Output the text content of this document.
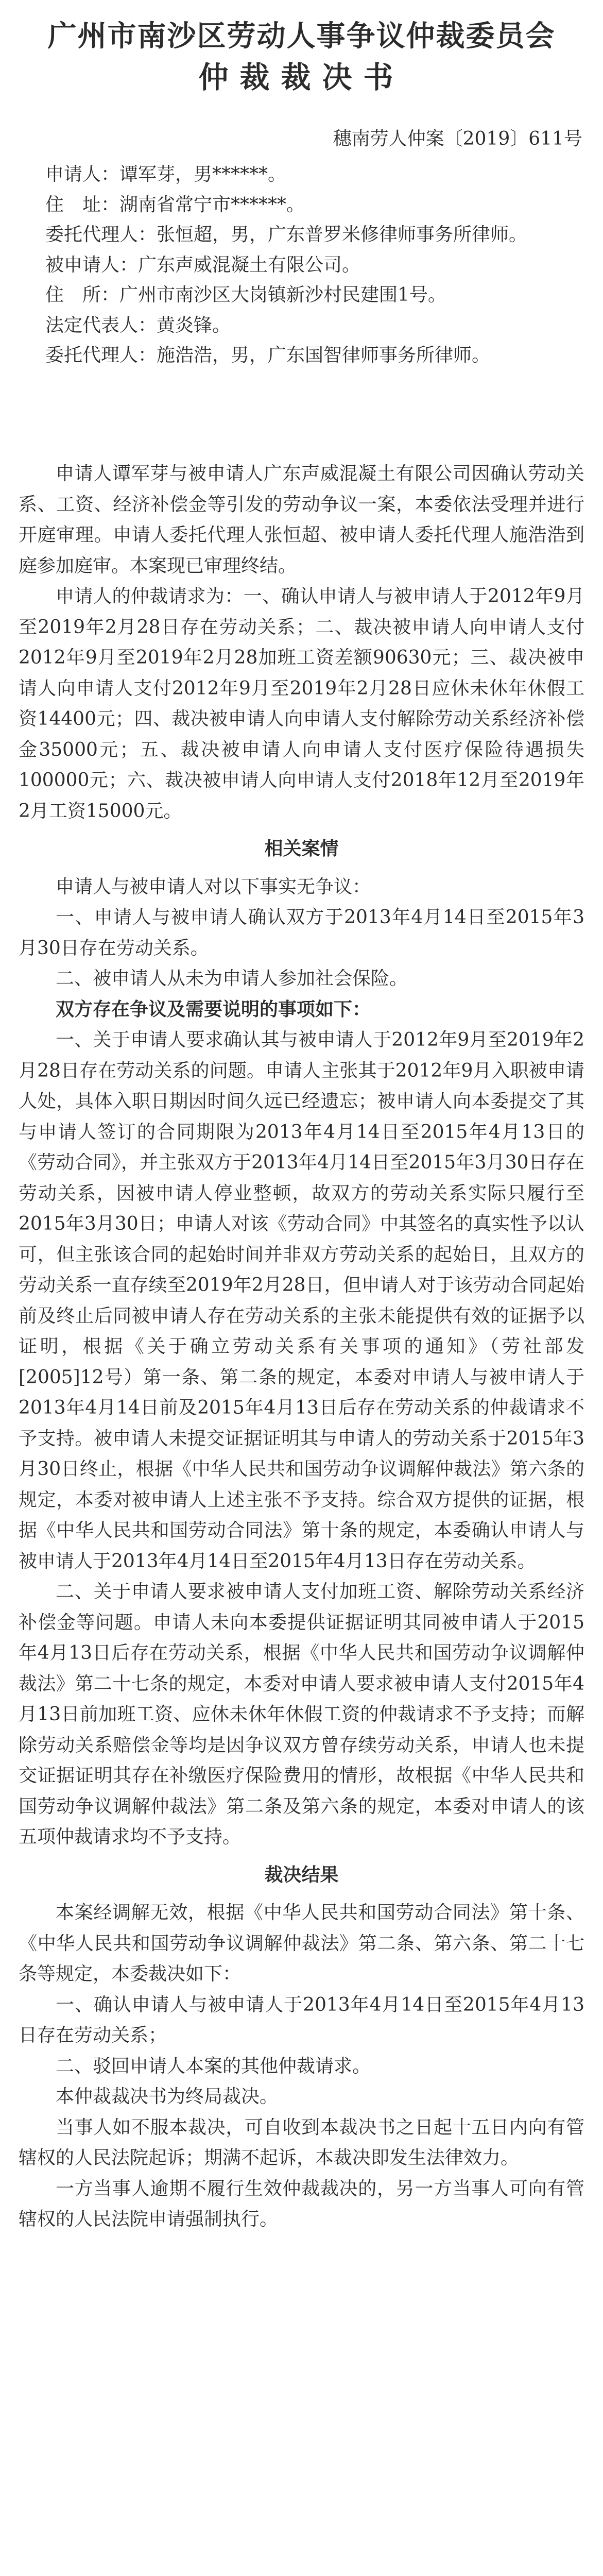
广州市南沙区劳动人事争议仲裁委员会
仲裁裁决书
穗南劳人仲案〔2019〕611号

申请人：谭军芽，男******。

住　址：湖南省常宁市******。

委托代理人：张恒超，男，广东普罗米修律师事务所律师。

被申请人：广东声威混凝土有限公司。

住　所：广州市南沙区大岗镇新沙村民建围1号。

法定代表人：黄炎锋。

委托代理人：施浩浩，男，广东国智律师事务所律师。

申请人谭军芽与被申请人广东声威混凝土有限公司因确认劳动关系、工资、经济补偿金等引发的劳动争议一案，本委依法受理并进行开庭审理。申请人委托代理人张恒超、被申请人委托代理人施浩浩到庭参加庭审。本案现已审理终结。

申请人的仲裁请求为：一、确认申请人与被申请人于2012年9月至2019年2月28日存在劳动关系；二、裁决被申请人向申请人支付2012年9月至2019年2月28加班工资差额90630元；三、裁决被申请人向申请人支付2012年9月至2019年2月28日应休未休年休假工资14400元；四、裁决被申请人向申请人支付解除劳动关系经济补偿金35000元；五、裁决被申请人向申请人支付医疗保险待遇损失100000元；六、裁决被申请人向申请人支付2018年12月至2019年2月工资15000元。

相关案情

申请人与被申请人对以下事实无争议：

一、申请人与被申请人确认双方于2013年4月14日至2015年3月30日存在劳动关系。

二、被申请人从未为申请人参加社会保险。

双方存在争议及需要说明的事项如下：

一、关于申请人要求确认其与被申请人于2012年9月至2019年2月28日存在劳动关系的问题。申请人主张其于2012年9月入职被申请人处，具体入职日期因时间久远已经遗忘；被申请人向本委提交了其与申请人签订的合同期限为2013年4月14日至2015年4月13日的《劳动合同》，并主张双方于2013年4月14日至2015年3月30日存在劳动关系，因被申请人停业整顿，故双方的劳动关系实际只履行至2015年3月30日；申请人对该《劳动合同》中其签名的真实性予以认可，但主张该合同的起始时间并非双方劳动关系的起始日，且双方的劳动关系一直存续至2019年2月28日，但申请人对于该劳动合同起始前及终止后同被申请人存在劳动关系的主张未能提供有效的证据予以证明，根据《关于确立劳动关系有关事项的通知》（劳社部发[2005]12号）第一条、第二条的规定，本委对申请人与被申请人于2013年4月14日前及2015年4月13日后存在劳动关系的仲裁请求不予支持。被申请人未提交证据证明其与申请人的劳动关系于2015年3月30日终止，根据《中华人民共和国劳动争议调解仲裁法》第六条的规定，本委对被申请人上述主张不予支持。综合双方提供的证据，根据《中华人民共和国劳动合同法》第十条的规定，本委确认申请人与被申请人于2013年4月14日至2015年4月13日存在劳动关系。

二、关于申请人要求被申请人支付加班工资、解除劳动关系经济补偿金等问题。申请人未向本委提供证据证明其同被申请人于2015年4月13日后存在劳动关系，根据《中华人民共和国劳动争议调解仲裁法》第二十七条的规定，本委对申请人要求被申请人支付2015年4月13日前加班工资、应休未休年休假工资的仲裁请求不予支持；而解除劳动关系赔偿金等均是因争议双方曾存续劳动关系，申请人也未提交证据证明其存在补缴医疗保险费用的情形，故根据《中华人民共和国劳动争议调解仲裁法》第二条及第六条的规定，本委对申请人的该五项仲裁请求均不予支持。

裁决结果

本案经调解无效，根据《中华人民共和国劳动合同法》第十条、《中华人民共和国劳动争议调解仲裁法》第二条、第六条、第二十七条等规定，本委裁决如下：

一、确认申请人与被申请人于2013年4月14日至2015年4月13日存在劳动关系；

二、驳回申请人本案的其他仲裁请求。

本仲裁裁决书为终局裁决。

当事人如不服本裁决，可自收到本裁决书之日起十五日内向有管辖权的人民法院起诉；期满不起诉，本裁决即发生法律效力。

一方当事人逾期不履行生效仲裁裁决的，另一方当事人可向有管辖权的人民法院申请强制执行。
